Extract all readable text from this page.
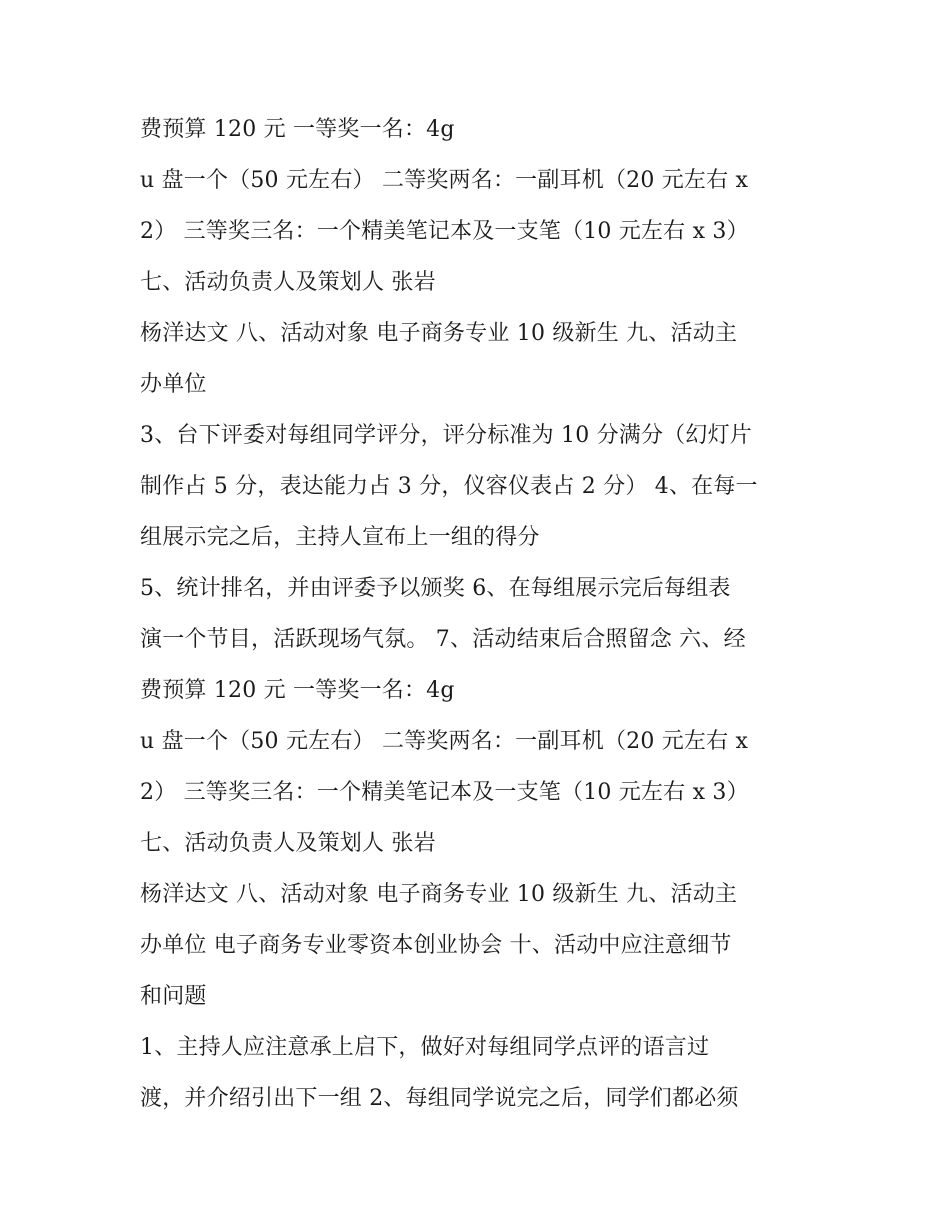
费预算 120 元 一等奖一名：4g
u 盘一个（50 元左右） 二等奖两名：一副耳机（20 元左右 x
2） 三等奖三名：一个精美笔记本及一支笔（10 元左右 x 3）
七、活动负责人及策划人 张岩
杨洋达文 八、活动对象 电子商务专业 10 级新生 九、活动主
办单位
3、台下评委对每组同学评分，评分标准为 10 分满分（幻灯片
制作占 5 分，表达能力占 3 分，仪容仪表占 2 分） 4、在每一
组展示完之后，主持人宣布上一组的得分
5、统计排名，并由评委予以颁奖 6、在每组展示完后每组表
演一个节目，活跃现场气氛。 7、活动结束后合照留念 六、经
费预算 120 元 一等奖一名：4g
u 盘一个（50 元左右） 二等奖两名：一副耳机（20 元左右 x
2） 三等奖三名：一个精美笔记本及一支笔（10 元左右 x 3）
七、活动负责人及策划人 张岩
杨洋达文 八、活动对象 电子商务专业 10 级新生 九、活动主
办单位 电子商务专业零资本创业协会 十、活动中应注意细节
和问题
1、主持人应注意承上启下，做好对每组同学点评的语言过
渡，并介绍引出下一组 2、每组同学说完之后，同学们都必须
